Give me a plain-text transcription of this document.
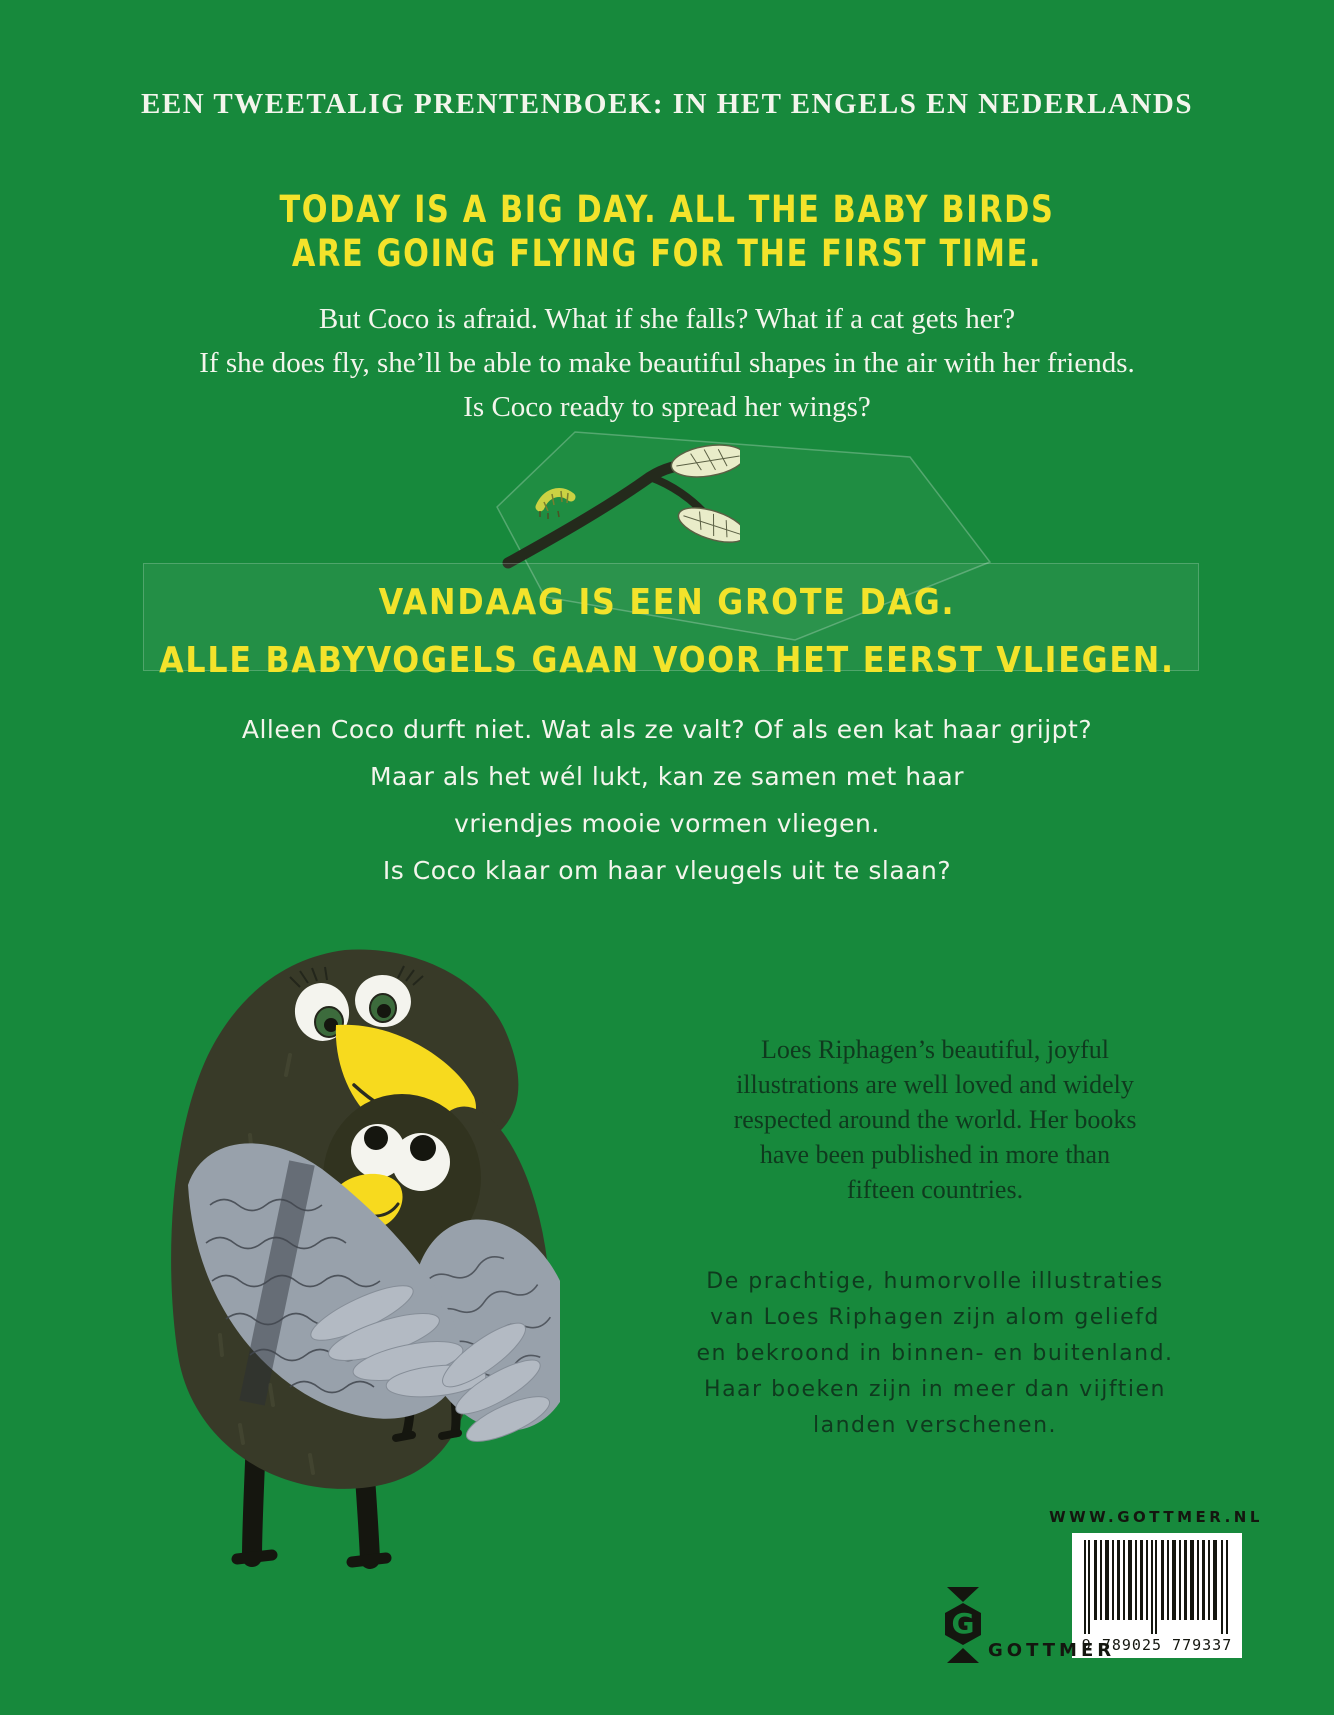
EEN TWEETALIG PRENTENBOEK: IN HET ENGELS EN NEDERLANDS
TODAY IS A BIG DAY. ALL THE BABY BIRDS
ARE GOING FLYING FOR THE FIRST TIME.
But Coco is afraid. What if she falls? What if a cat gets her?
If she does fly, she’ll be able to make beautiful shapes in the air with her friends.
Is Coco ready to spread her wings?
VANDAAG IS EEN GROTE DAG.
ALLE BABYVOGELS GAAN VOOR HET EERST VLIEGEN.
Alleen Coco durft niet. Wat als ze valt? Of als een kat haar grijpt?
Maar als het wél lukt, kan ze samen met haar
vriendjes mooie vormen vliegen.
Is Coco klaar om haar vleugels uit te slaan?
Loes Riphagen’s beautiful, joyful
illustrations are well loved and widely
respected around the world. Her books
have been published in more than
fifteen countries.
De prachtige, humorvolle illustraties
van Loes Riphagen zijn alom geliefd
en bekroond in binnen- en buitenland.
Haar boeken zijn in meer dan vijftien
landen verschenen.
WWW.GOTTMER.NL
9 789025 779337
G
GOTTMER
